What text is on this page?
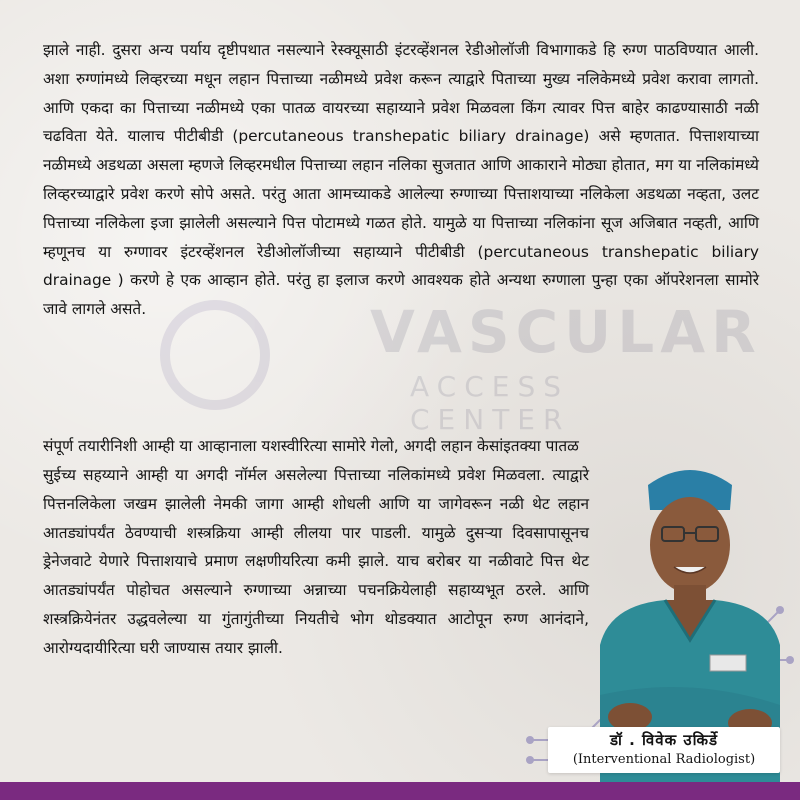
झाले नाही. दुसरा अन्य पर्याय दृष्टीपथात नसल्याने रेस्क्यूसाठी इंटरव्हेंशनल रेडीओलॉजी विभागाकडे हि रुग्ण पाठविण्यात आली. अशा रुग्णांमध्ये लिव्हरच्या मधून लहान पित्ताच्या नळीमध्ये प्रवेश करून त्याद्वारे पिताच्या मुख्य नलिकेमध्ये प्रवेश करावा लागतो. आणि एकदा का पित्ताच्या नळीमध्ये एका पातळ वायरच्या सहाय्याने प्रवेश मिळवला किंग त्यावर पित्त बाहेर काढण्यासाठी नळी चढविता येते. यालाच पीटीबीडी (percutaneous transhepatic biliary drainage) असे म्हणतात. पित्ताशयाच्या नळीमध्ये अडथळा असला म्हणजे लिव्हरमधील पित्ताच्या लहान नलिका सुजतात आणि आकाराने मोठ्या होतात, मग या नलिकांमध्ये लिव्हरच्याद्वारे प्रवेश करणे सोपे असते. परंतु आता आमच्याकडे आलेल्या रुग्णाच्या पित्ताशयाच्या नलिकेला अडथळा नव्हता, उलट पित्ताच्या नलिकेला इजा झालेली असल्याने पित्त पोटामध्ये गळत होते. यामुळे या पित्ताच्या नलिकांना सूज अजिबात नव्हती, आणि म्हणूनच या रुग्णावर इंटरव्हेंशनल रेडीओलॉजीच्या सहाय्याने पीटीबीडी (percutaneous transhepatic biliary drainage ) करणे हे एक आव्हान होते. परंतु हा इलाज करणे आवश्यक होते अन्यथा रुग्णाला पुन्हा एका ऑपरेशनला सामोरे जावे लागले असते.

संपूर्ण तयारीनिशी आम्ही या आव्हानाला यशस्वीरित्या सामोरे गेलो, अगदी लहान केसांइतक्या पातळ

सुईच्य सहय्याने आम्ही या अगदी नॉर्मल असलेल्या पित्ताच्या नलिकांमध्ये प्रवेश मिळवला. त्याद्वारे पित्तनलिकेला जखम झालेली नेमकी जागा आम्ही शोधली आणि या जागेवरून नळी थेट लहान आतड्यांपर्यंत ठेवण्याची शस्त्रक्रिया आम्ही लीलया पार पाडली. यामुळे दुसऱ्या दिवसापासूनच ड्रेनेजवाटे येणारे पित्ताशयाचे प्रमाण लक्षणीयरित्या कमी झाले. याच बरोबर या नळीवाटे पित्त थेट आतड्यांपर्यंत पोहोचत असल्याने रुग्णाच्या अन्नाच्या पचनक्रियेलाही सहाय्यभूत ठरले. आणि शस्त्रक्रियेनंतर उद्धवलेल्या या गुंतागुंतीच्या नियतीचे भोग थोडक्यात आटोपून रुग्ण आनंदाने, आरोग्यदायीरित्या घरी जाण्यास तयार झाली.

डॉ . विवेक उकिर्डे
(Interventional Radiologist)
